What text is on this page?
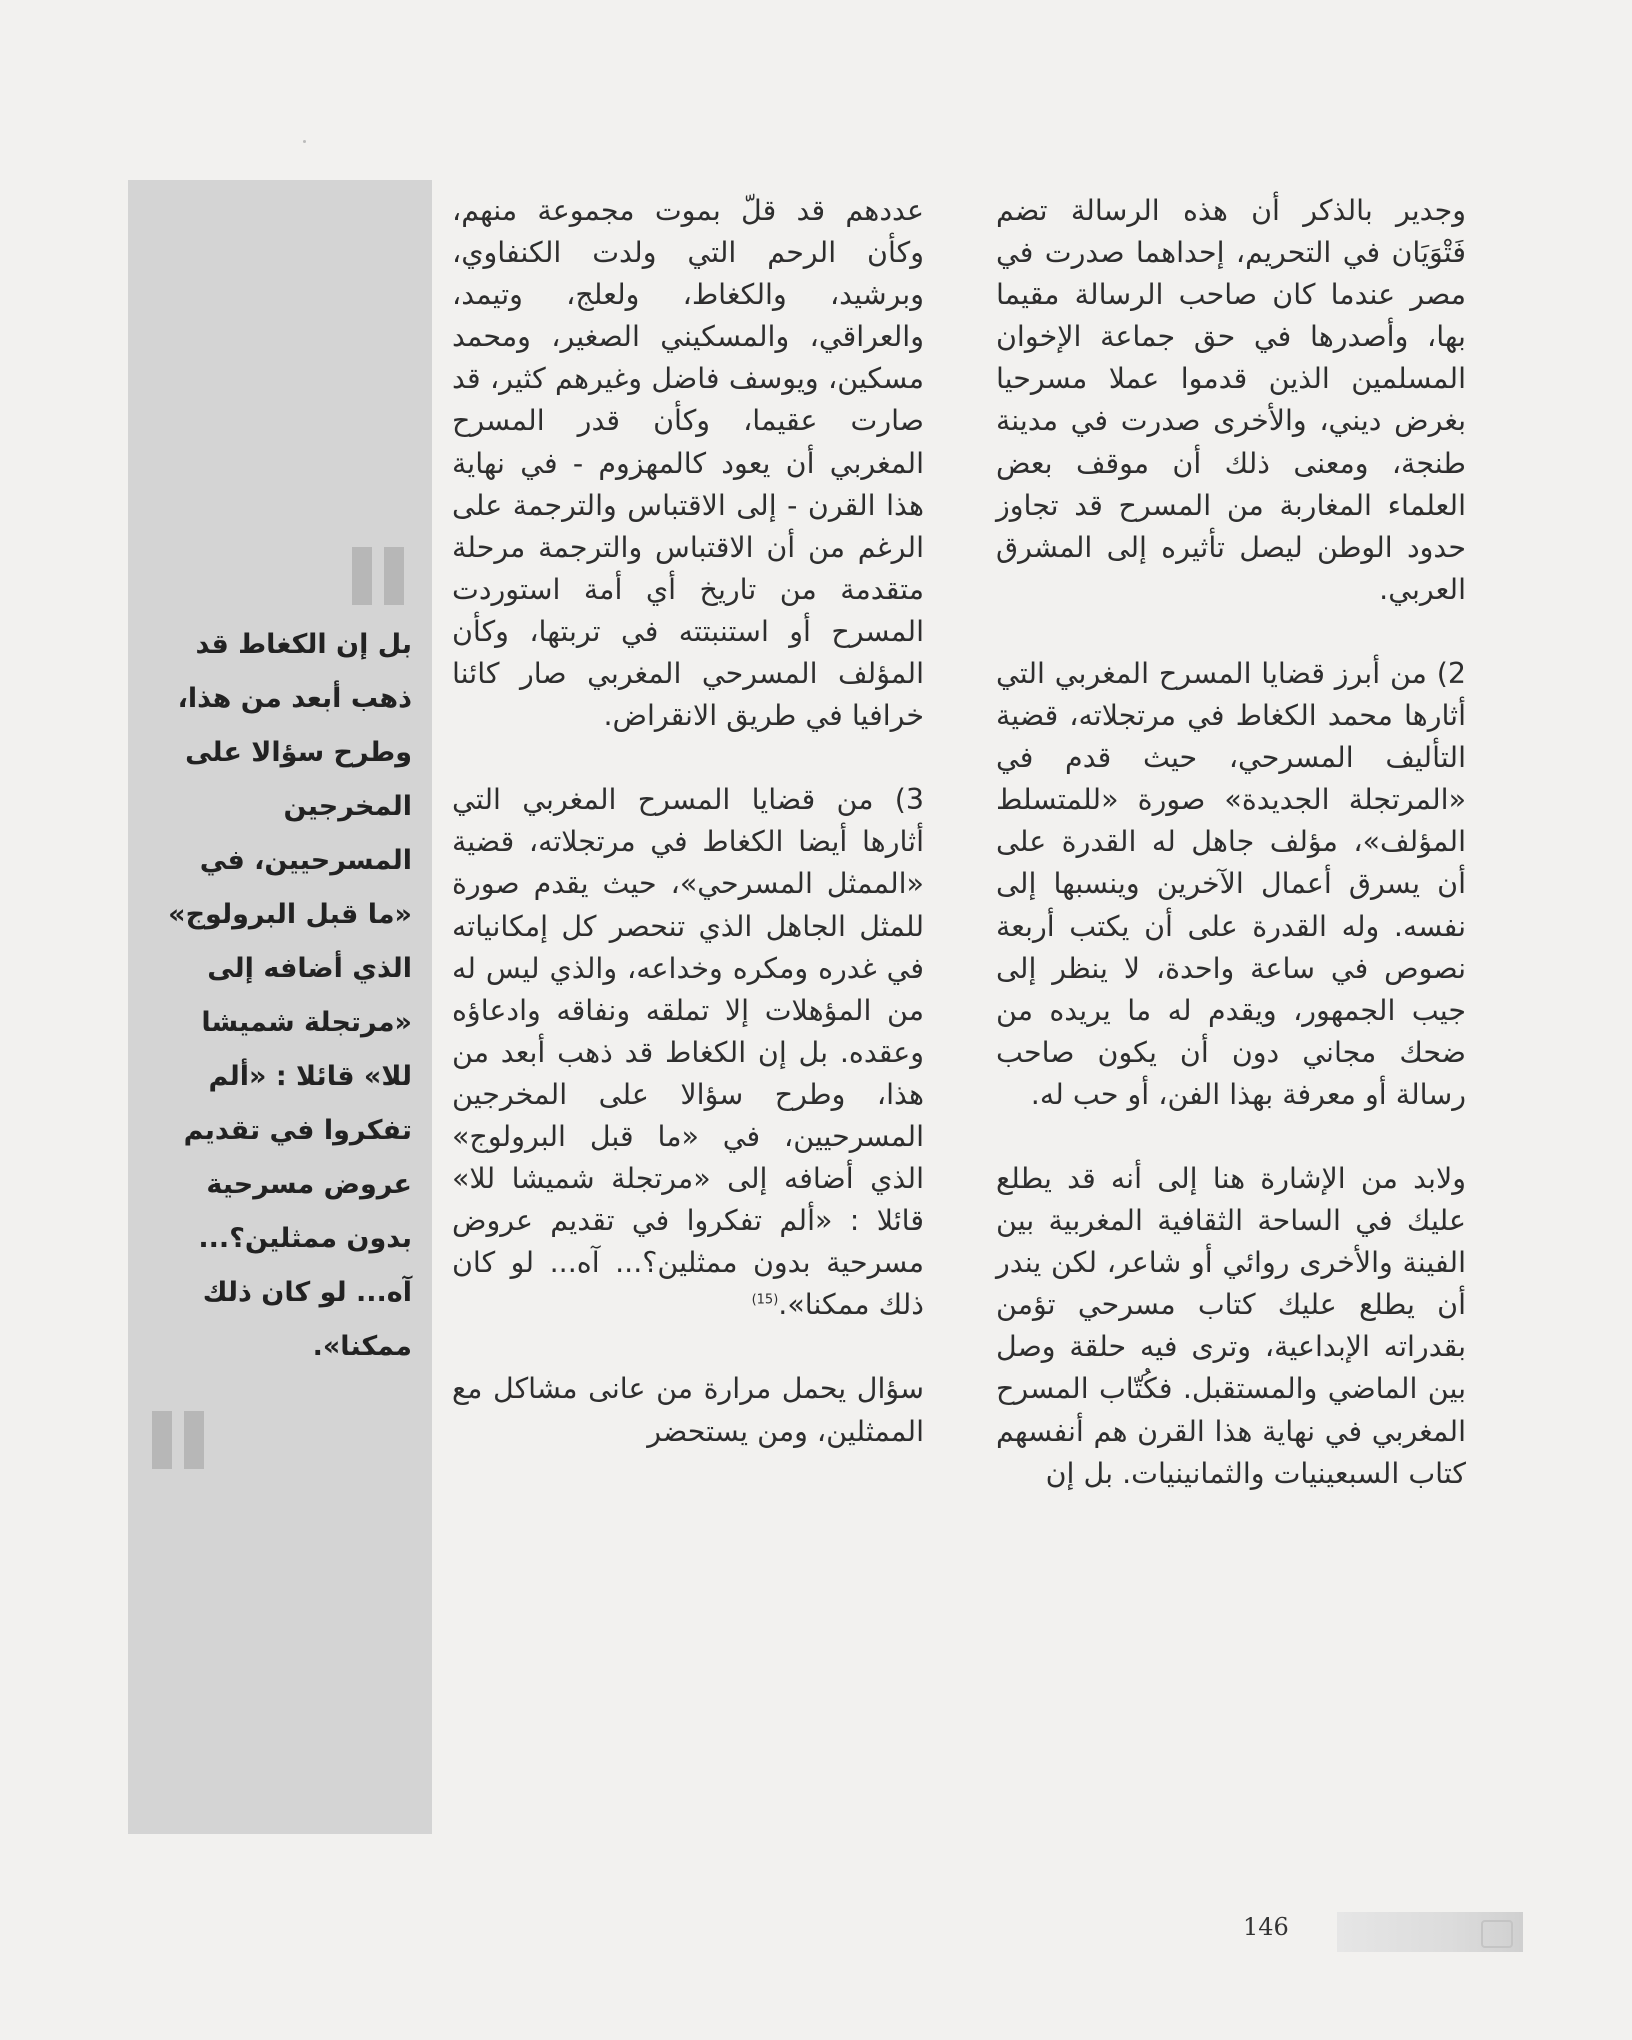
وجدير بالذكر أن هذه الرسالة تضم فَتْوَيَان في التحريم، إحداهما صدرت في مصر عندما كان صاحب الرسالة مقيما بها، وأصدرها في حق جماعة الإخوان المسلمين الذين قدموا عملا مسرحيا بغرض ديني، والأخرى صدرت في مدينة طنجة، ومعنى ذلك أن موقف بعض العلماء المغاربة من المسرح قد تجاوز حدود الوطن ليصل تأثيره إلى المشرق العربي.

2) من أبرز قضايا المسرح المغربي التي أثارها محمد الكغاط في مرتجلاته، قضية التأليف المسرحي، حيث قدم في «المرتجلة الجديدة» صورة «للمتسلط المؤلف»، مؤلف جاهل له القدرة على أن يسرق أعمال الآخرين وينسبها إلى نفسه. وله القدرة على أن يكتب أربعة نصوص في ساعة واحدة، لا ينظر إلى جيب الجمهور، ويقدم له ما يريده من ضحك مجاني دون أن يكون صاحب رسالة أو معرفة بهذا الفن، أو حب له.

ولابد من الإشارة هنا إلى أنه قد يطلع عليك في الساحة الثقافية المغربية بين الفينة والأخرى روائي أو شاعر، لكن يندر أن يطلع عليك كتاب مسرحي تؤمن بقدراته الإبداعية، وترى فيه حلقة وصل بين الماضي والمستقبل. فكُتّاب المسرح المغربي في نهاية هذا القرن هم أنفسهم كتاب السبعينيات والثمانينيات. بل إن

عددهم قد قلّ بموت مجموعة منهم، وكأن الرحم التي ولدت الكنفاوي، وبرشيد، والكغاط، ولعلج، وتيمد، والعراقي، والمسكيني الصغير، ومحمد مسكين، ويوسف فاضل وغيرهم كثير، قد صارت عقيما، وكأن قدر المسرح المغربي أن يعود كالمهزوم - في نهاية هذا القرن - إلى الاقتباس والترجمة على الرغم من أن الاقتباس والترجمة مرحلة متقدمة من تاريخ أي أمة استوردت المسرح أو استنبتته في تربتها، وكأن المؤلف المسرحي المغربي صار كائنا خرافيا في طريق الانقراض.

3) من قضايا المسرح المغربي التي أثارها أيضا الكغاط في مرتجلاته، قضية «الممثل المسرحي»، حيث يقدم صورة للمثل الجاهل الذي تنحصر كل إمكانياته في غدره ومكره وخداعه، والذي ليس له من المؤهلات إلا تملقه ونفاقه وادعاؤه وعقده. بل إن الكغاط قد ذهب أبعد من هذا، وطرح سؤالا على المخرجين المسرحيين، في «ما قبل البرولوج» الذي أضافه إلى «مرتجلة شميشا للا» قائلا : «ألم تفكروا في تقديم عروض مسرحية بدون ممثلين؟... آه... لو كان ذلك ممكنا».$^{(15)}$

سؤال يحمل مرارة من عانى مشاكل مع الممثلين، ومن يستحضر

بل إن الكغاط قد ذهب أبعد من هذا، وطرح سؤالا على المخرجين المسرحيين، في «ما قبل البرولوج» الذي أضافه إلى «مرتجلة شميشا للا» قائلا : «ألم تفكروا في تقديم عروض مسرحية بدون ممثلين؟... آه... لو كان ذلك ممكنا».

146
